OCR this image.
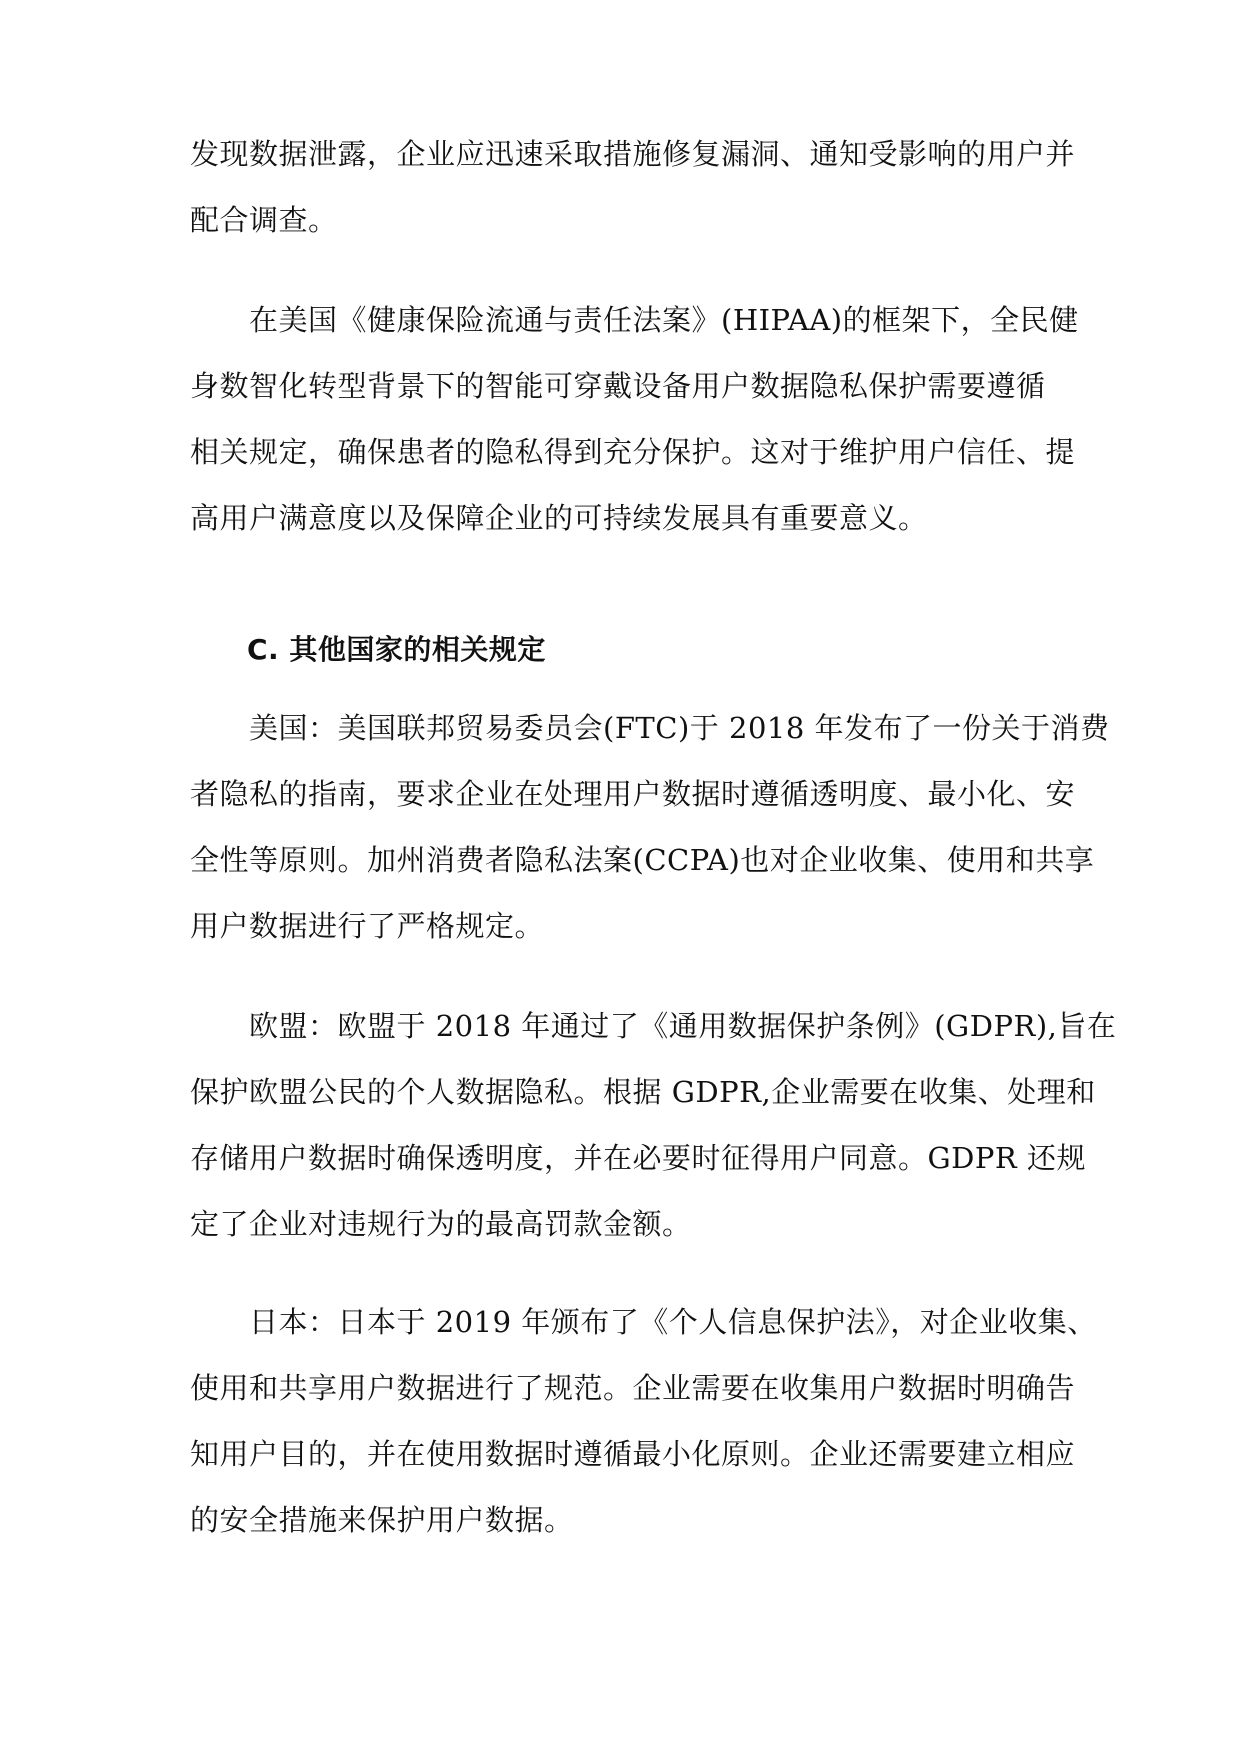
发现数据泄露，企业应迅速采取措施修复漏洞、通知受影响的用户并
配合调查。
　　在美国《健康保险流通与责任法案》(HIPAA)的框架下，全民健
身数智化转型背景下的智能可穿戴设备用户数据隐私保护需要遵循
相关规定，确保患者的隐私得到充分保护。这对于维护用户信任、提
高用户满意度以及保障企业的可持续发展具有重要意义。
　　C. 其他国家的相关规定
　　美国：美国联邦贸易委员会(FTC)于 2018 年发布了一份关于消费
者隐私的指南，要求企业在处理用户数据时遵循透明度、最小化、安
全性等原则。加州消费者隐私法案(CCPA)也对企业收集、使用和共享
用户数据进行了严格规定。
　　欧盟：欧盟于 2018 年通过了《通用数据保护条例》(GDPR),旨在
保护欧盟公民的个人数据隐私。根据 GDPR,企业需要在收集、处理和
存储用户数据时确保透明度，并在必要时征得用户同意。GDPR 还规
定了企业对违规行为的最高罚款金额。
　　日本：日本于 2019 年颁布了《个人信息保护法》，对企业收集、
使用和共享用户数据进行了规范。企业需要在收集用户数据时明确告
知用户目的，并在使用数据时遵循最小化原则。企业还需要建立相应
的安全措施来保护用户数据。
